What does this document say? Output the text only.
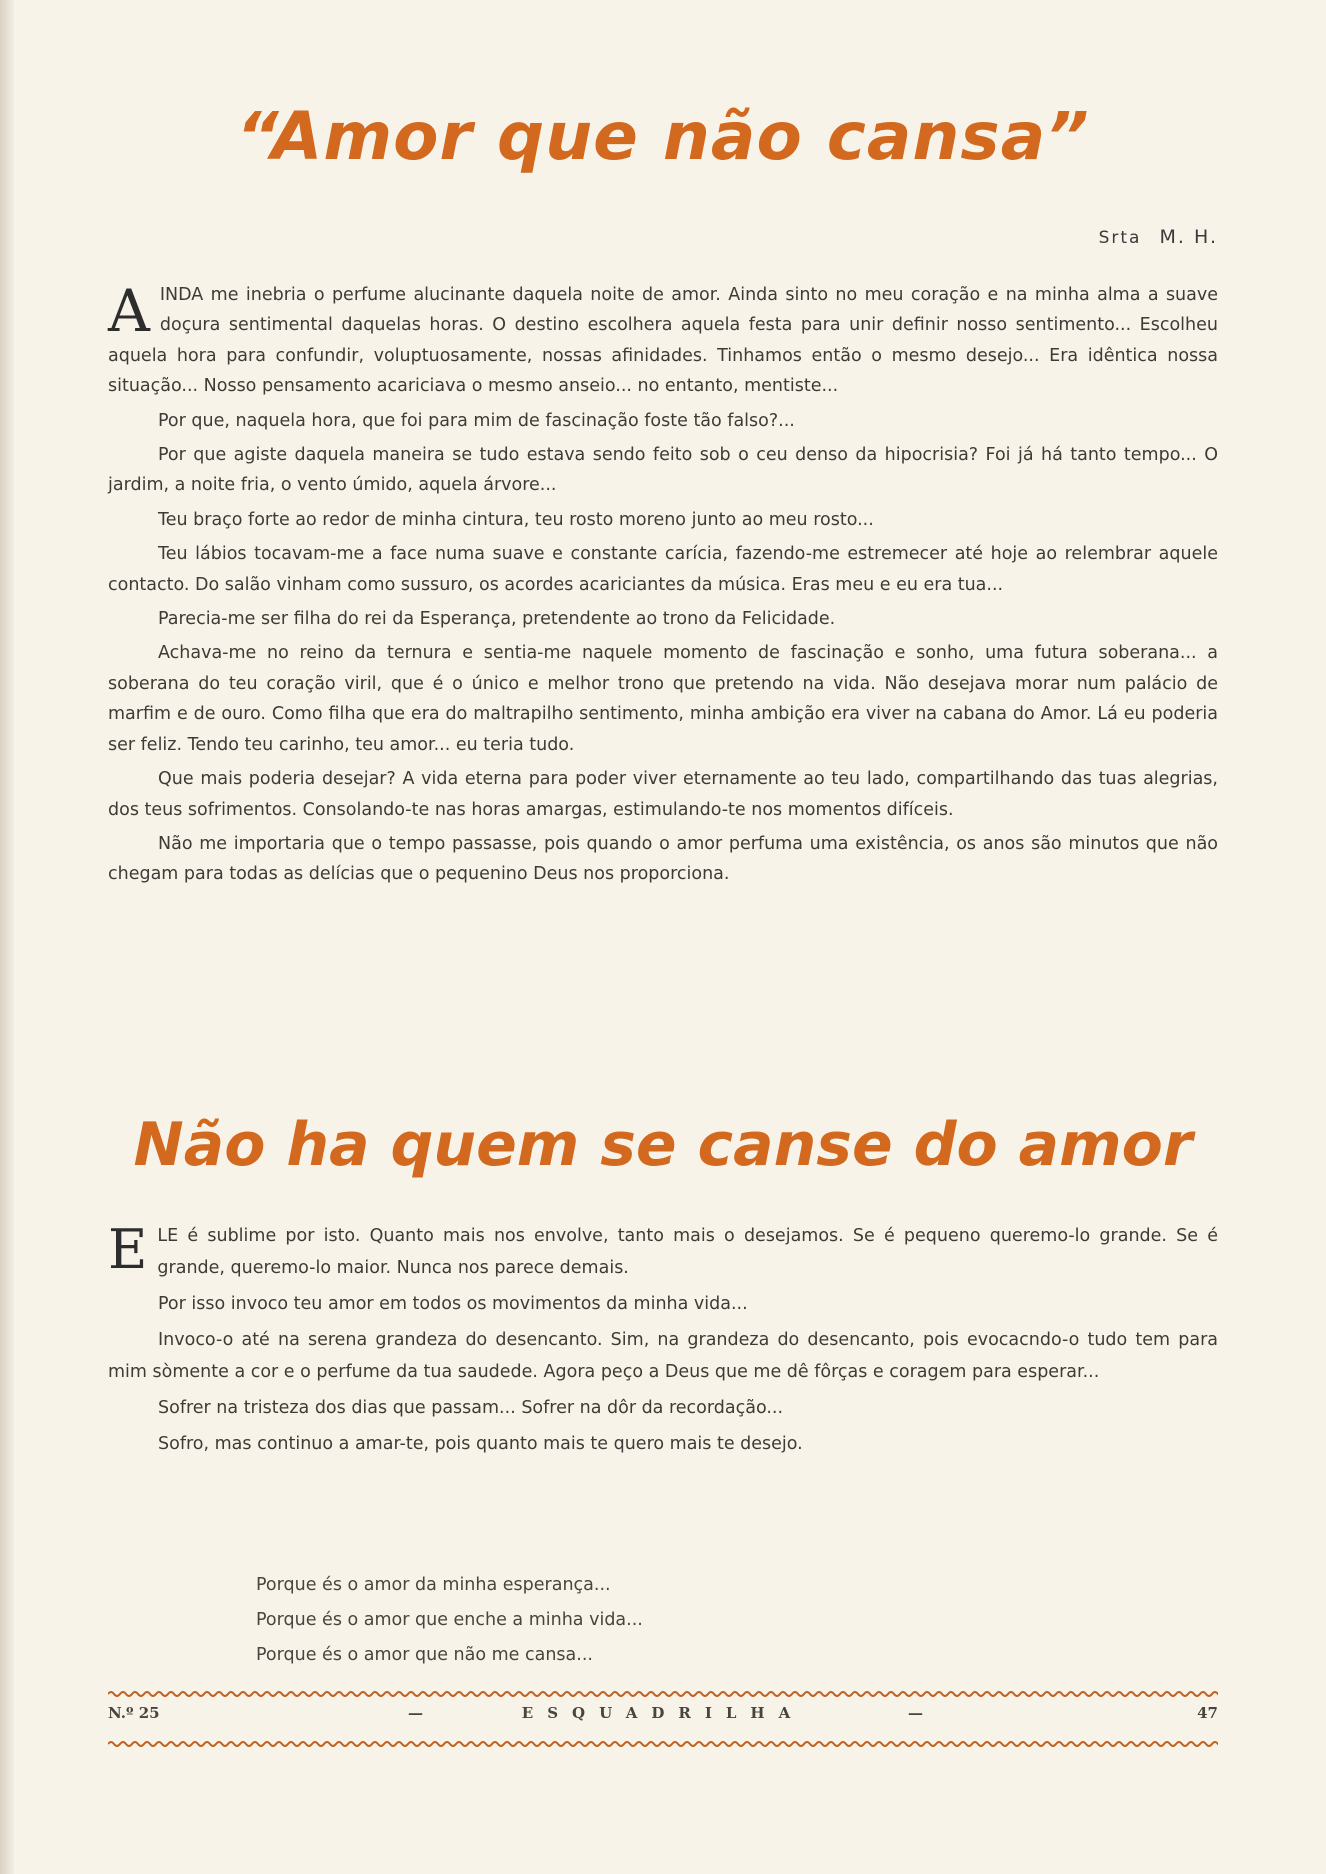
“Amor que não cansa”
Srta M. H.

AINDA me inebria o perfume alucinante daquela noite de amor. Ainda sinto no meu coração e na minha alma a suave doçura sentimental daquelas horas. O destino escolhera aquela festa para unir definir nosso sentimento... Escolheu aquela hora para confundir, voluptuosamente, nossas afinidades. Tinhamos então o mesmo desejo... Era idêntica nossa situação... Nosso pensamento acariciava o mesmo anseio... no entanto, mentiste...

Por que, naquela hora, que foi para mim de fascinação foste tão falso?...

Por que agiste daquela maneira se tudo estava sendo feito sob o ceu denso da hipocrisia? Foi já há tanto tempo... O jardim, a noite fria, o vento úmido, aquela árvore...

Teu braço forte ao redor de minha cintura, teu rosto moreno junto ao meu rosto...

Teu lábios tocavam-me a face numa suave e constante carícia, fazendo-me estremecer até hoje ao relembrar aquele contacto. Do salão vinham como sussuro, os acordes acariciantes da música. Eras meu e eu era tua...

Parecia-me ser filha do rei da Esperança, pretendente ao trono da Felicidade.

Achava-me no reino da ternura e sentia-me naquele momento de fascinação e sonho, uma futura soberana... a soberana do teu coração viril, que é o único e melhor trono que pretendo na vida. Não desejava morar num palácio de marfim e de ouro. Como filha que era do maltrapilho sentimento, minha ambição era viver na cabana do Amor. Lá eu poderia ser feliz. Tendo teu carinho, teu amor... eu teria tudo.

Que mais poderia desejar? A vida eterna para poder viver eternamente ao teu lado, compartilhando das tuas alegrias, dos teus sofrimentos. Consolando-te nas horas amargas, estimulando-te nos momentos difíceis.

Não me importaria que o tempo passasse, pois quando o amor perfuma uma existência, os anos são minutos que não chegam para todas as delícias que o pequenino Deus nos proporciona.

Não ha quem se canse do amor

ELE é sublime por isto. Quanto mais nos envolve, tanto mais o desejamos. Se é pequeno queremo-lo grande. Se é grande, queremo-lo maior. Nunca nos parece demais.

Por isso invoco teu amor em todos os movimentos da minha vida...

Invoco-o até na serena grandeza do desencanto. Sim, na grandeza do desencanto, pois evocacndo-o tudo tem para mim sòmente a cor e o perfume da tua saudede. Agora peço a Deus que me dê fôrças e coragem para esperar...

Sofrer na tristeza dos dias que passam... Sofrer na dôr da recordação...

Sofro, mas continuo a amar-te, pois quanto mais te quero mais te desejo.

Porque és o amor da minha esperança...
Porque és o amor que enche a minha vida...
Porque és o amor que não me cansa...
N.º 25	—	ESQUADRILHA	—	47
